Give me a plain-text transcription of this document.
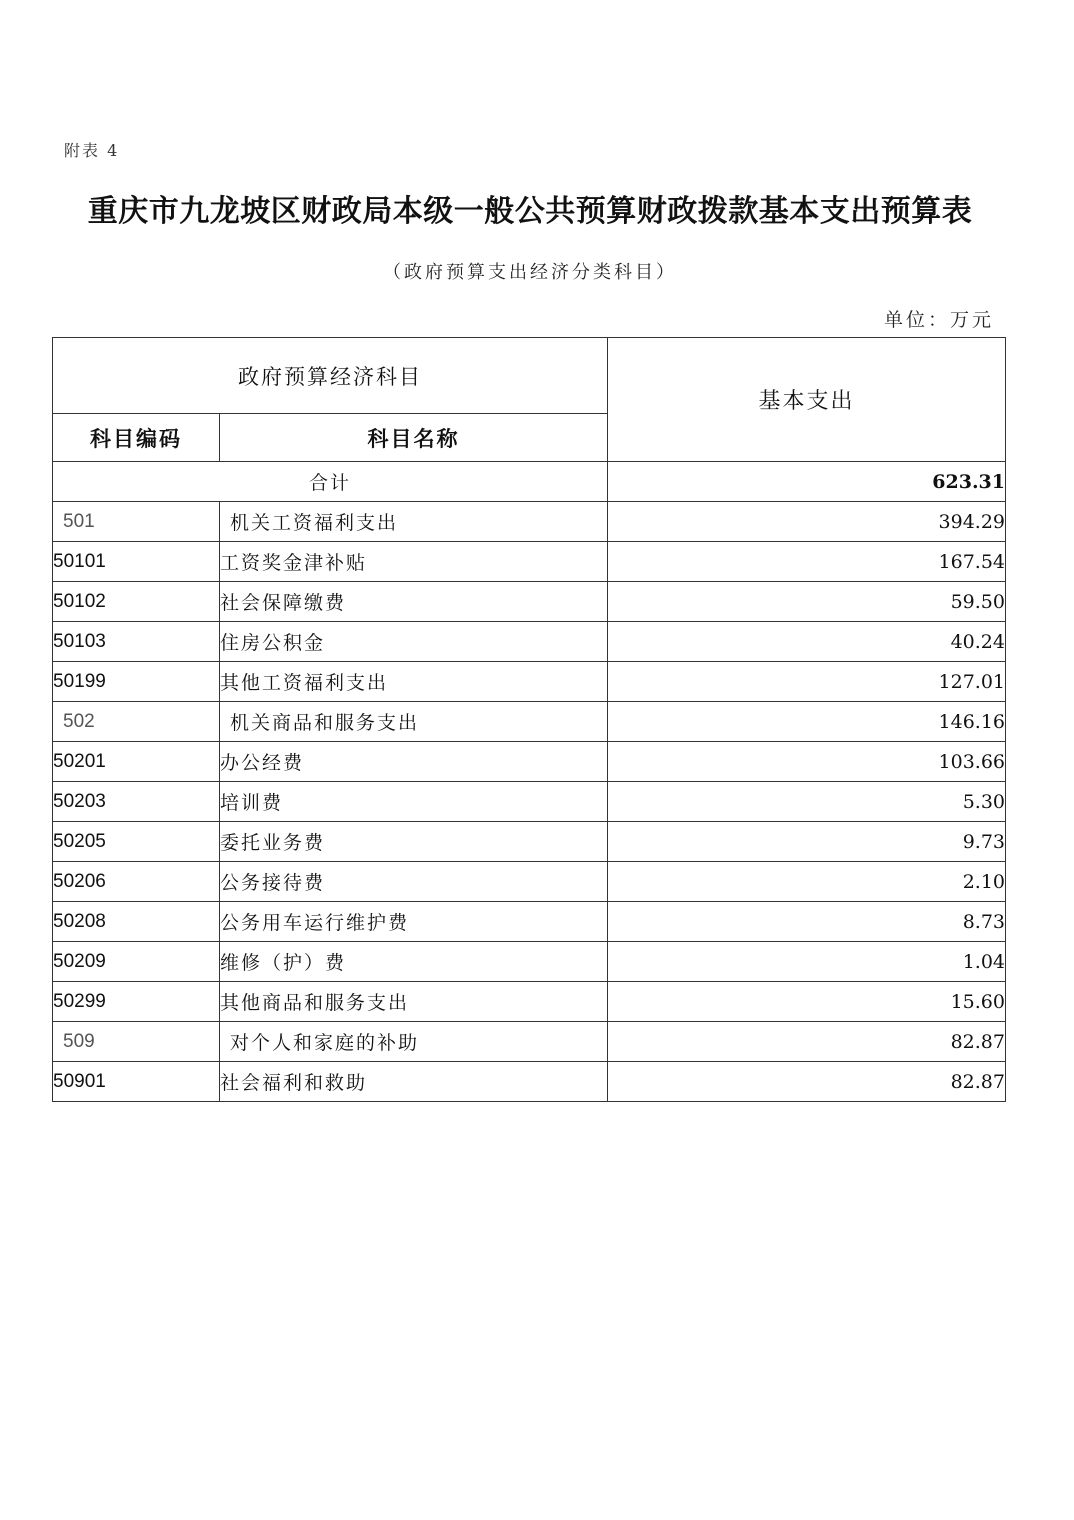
附表 4
重庆市九龙坡区财政局本级一般公共预算财政拨款基本支出预算表
（政府预算支出经济分类科目）
单位：万元
政府预算经济科目		基本支出
科目编码	科目名称	
合计		623.31
501	机关工资福利支出	394.29
50101	工资奖金津补贴	167.54
50102	社会保障缴费	59.50
50103	住房公积金	40.24
50199	其他工资福利支出	127.01
502	机关商品和服务支出	146.16
50201	办公经费	103.66
50203	培训费	5.30
50205	委托业务费	9.73
50206	公务接待费	2.10
50208	公务用车运行维护费	8.73
50209	维修（护）费	1.04
50299	其他商品和服务支出	15.60
509	对个人和家庭的补助	82.87
50901	社会福利和救助	82.87
